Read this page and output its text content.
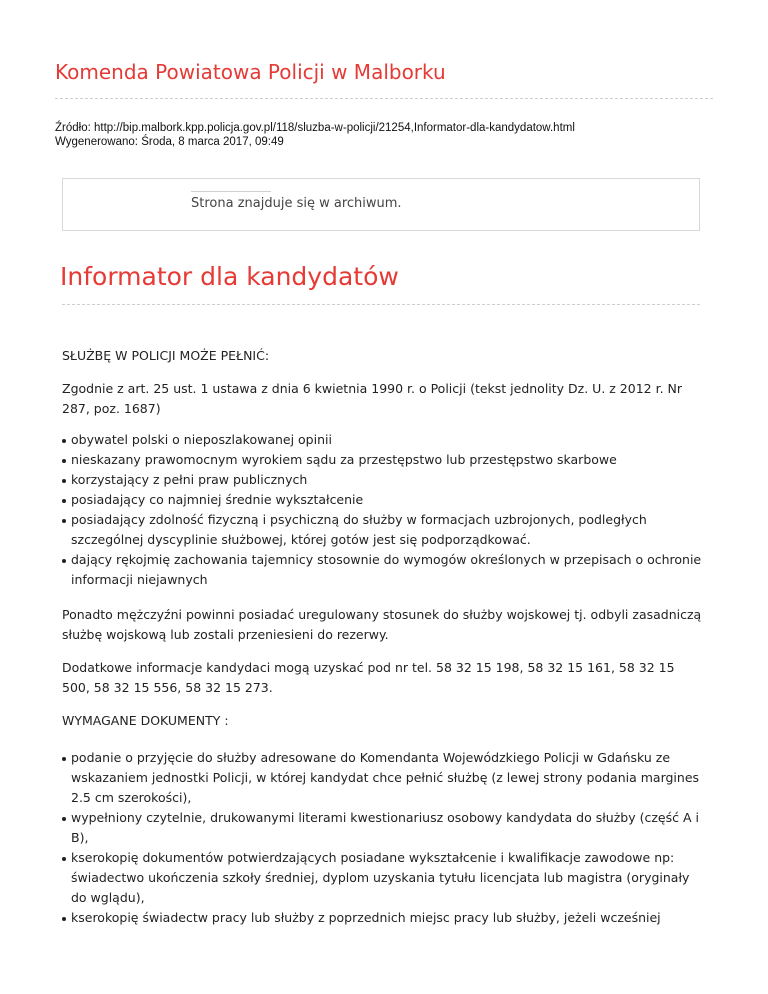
Komenda Powiatowa Policji w Malborku
Źródło: http://bip.malbork.kpp.policja.gov.pl/118/sluzba-w-policji/21254,Informator-dla-kandydatow.html
Wygenerowano: Środa, 8 marca 2017, 09:49
Strona znajduje się w archiwum.
Informator dla kandydatów

SŁUŻBĘ W POLICJI MOŻE PEŁNIĆ:

Zgodnie z art. 25 ust. 1 ustawa z dnia 6 kwietnia 1990 r. o Policji (tekst jednolity Dz. U. z 2012 r. Nr 287, poz. 1687)

obywatel polski o nieposzlakowanej opinii
nieskazany prawomocnym wyrokiem sądu za przestępstwo lub przestępstwo skarbowe
korzystający z pełni praw publicznych
posiadający co najmniej średnie wykształcenie
posiadający zdolność fizyczną i psychiczną do służby w formacjach uzbrojonych, podległych szczególnej dyscyplinie służbowej, której gotów jest się podporządkować.
dający rękojmię zachowania tajemnicy stosownie do wymogów określonych w przepisach o ochronie informacji niejawnych

Ponadto mężczyźni powinni posiadać uregulowany stosunek do służby wojskowej tj. odbyli zasadniczą służbę wojskową lub zostali przeniesieni do rezerwy.

Dodatkowe informacje kandydaci mogą uzyskać pod nr tel. 58 32 15 198, 58 32 15 161, 58 32 15 500, 58 32 15 556, 58 32 15 273.

WYMAGANE DOKUMENTY :

podanie o przyjęcie do służby adresowane do Komendanta Wojewódzkiego Policji w Gdańsku ze wskazaniem jednostki Policji, w której kandydat chce pełnić służbę (z lewej strony podania margines 2.5 cm szerokości),
wypełniony czytelnie, drukowanymi literami kwestionariusz osobowy kandydata do służby (część A i B),
kserokopię dokumentów potwierdzających posiadane wykształcenie i kwalifikacje zawodowe np: świadectwo ukończenia szkoły średniej, dyplom uzyskania tytułu licencjata lub magistra (oryginały do wglądu),
kserokopię świadectw pracy lub służby z poprzednich miejsc pracy lub służby, jeżeli wcześniej
